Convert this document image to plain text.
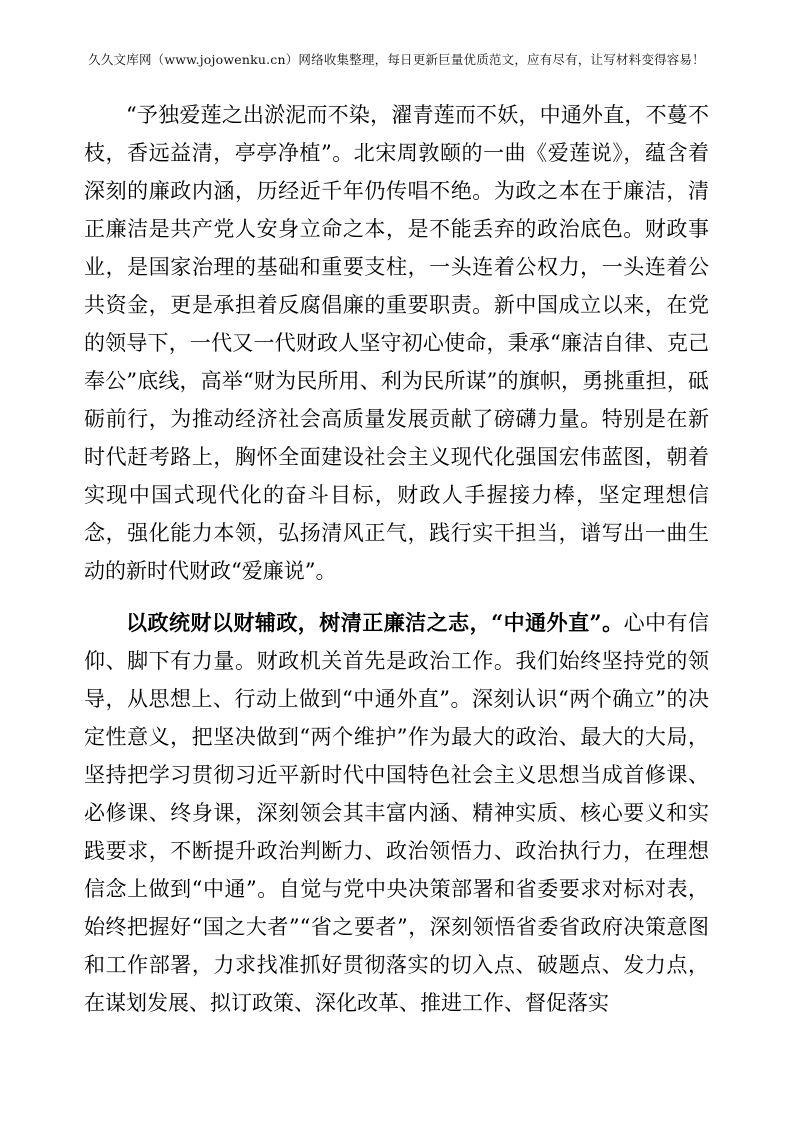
久久文库网（www.jojowenku.cn）网络收集整理，每日更新巨量优质范文，应有尽有，让写材料变得容易！

“予独爱莲之出淤泥而不染，濯青莲而不妖，中通外直，不蔓不枝，香远益清，亭亭净植”。北宋周敦颐的一曲《爱莲说》，蕴含着深刻的廉政内涵，历经近千年仍传唱不绝。为政之本在于廉洁，清正廉洁是共产党人安身立命之本，是不能丢弃的政治底色。财政事业，是国家治理的基础和重要支柱，一头连着公权力，一头连着公共资金，更是承担着反腐倡廉的重要职责。新中国成立以来，在党的领导下，一代又一代财政人坚守初心使命，秉承“廉洁自律、克己奉公”底线，高举“财为民所用、利为民所谋”的旗帜，勇挑重担，砥砺前行，为推动经济社会高质量发展贡献了磅礴力量。特别是在新时代赶考路上，胸怀全面建设社会主义现代化强国宏伟蓝图，朝着实现中国式现代化的奋斗目标，财政人手握接力棒，坚定理想信念，强化能力本领，弘扬清风正气，践行实干担当，谱写出一曲生动的新时代财政“爱廉说”。

以政统财以财辅政，树清正廉洁之志，“中通外直”。心中有信仰、脚下有力量。财政机关首先是政治工作。我们始终坚持党的领导，从思想上、行动上做到“中通外直”。深刻认识“两个确立”的决定性意义，把坚决做到“两个维护”作为最大的政治、最大的大局，坚持把学习贯彻习近平新时代中国特色社会主义思想当成首修课、必修课、终身课，深刻领会其丰富内涵、精神实质、核心要义和实践要求，不断提升政治判断力、政治领悟力、政治执行力，在理想信念上做到“中通”。自觉与党中央决策部署和省委要求对标对表，始终把握好“国之大者”“省之要者”，深刻领悟省委省政府决策意图和工作部署，力求找准抓好贯彻落实的切入点、破题点、发力点，在谋划发展、拟订政策、深化改革、推进工作、督促落实
